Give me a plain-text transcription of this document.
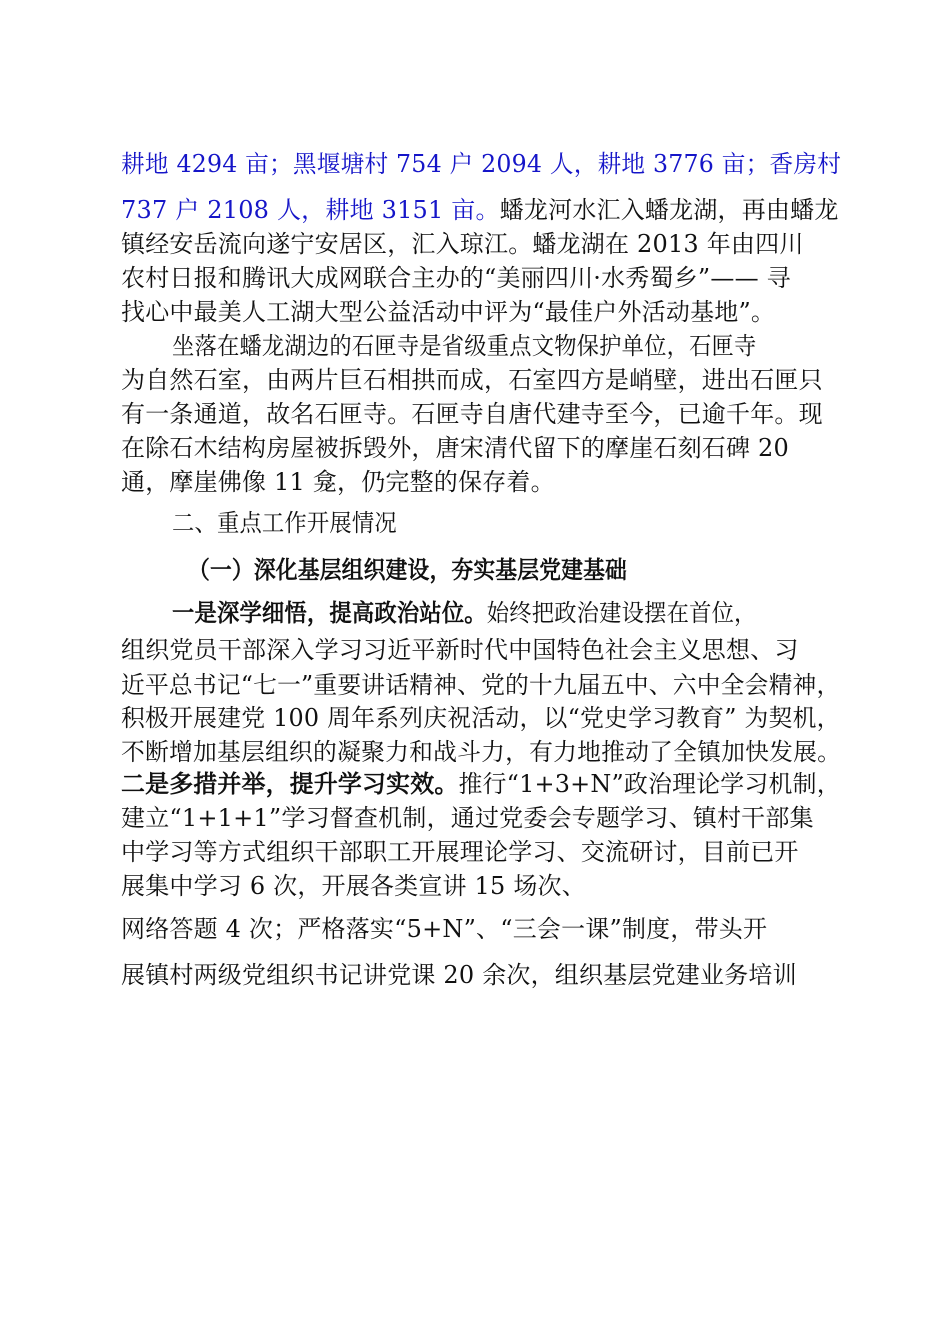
耕地 4294 亩；黑堰塘村 754 户 2094 人，耕地 3776 亩；香房村
737 户 2108 人，耕地 3151 亩。蟠龙河水汇入蟠龙湖，再由蟠龙
镇经安岳流向遂宁安居区，汇入琼江。蟠龙湖在 2013 年由四川
农村日报和腾讯大成网联合主办的“美丽四川·水秀蜀乡”—— 寻
找心中最美人工湖大型公益活动中评为“最佳户外活动基地”。
坐落在蟠龙湖边的石匣寺是省级重点文物保护单位，石匣寺
为自然石室，由两片巨石相拱而成，石室四方是峭壁，进出石匣只
有一条通道，故名石匣寺。石匣寺自唐代建寺至今，已逾千年。现
在除石木结构房屋被拆毁外，唐宋清代留下的摩崖石刻石碑 20
通，摩崖佛像 11 龛，仍完整的保存着。
二、重点工作开展情况
（一）深化基层组织建设，夯实基层党建基础
一是深学细悟，提高政治站位。始终把政治建设摆在首位，
组织党员干部深入学习习近平新时代中国特色社会主义思想、习
近平总书记“七一”重要讲话精神、党的十九届五中、六中全会精神，
积极开展建党 100 周年系列庆祝活动，以“党史学习教育” 为契机，
不断增加基层组织的凝聚力和战斗力，有力地推动了全镇加快发展。
二是多措并举，提升学习实效。推行“1+3+N”政治理论学习机制，
建立“1+1+1”学习督查机制，通过党委会专题学习、镇村干部集
中学习等方式组织干部职工开展理论学习、交流研讨，目前已开
展集中学习 6 次，开展各类宣讲 15 场次、
网络答题 4 次；严格落实“5+N”、“三会一课”制度，带头开
展镇村两级党组织书记讲党课 20 余次，组织基层党建业务培训
